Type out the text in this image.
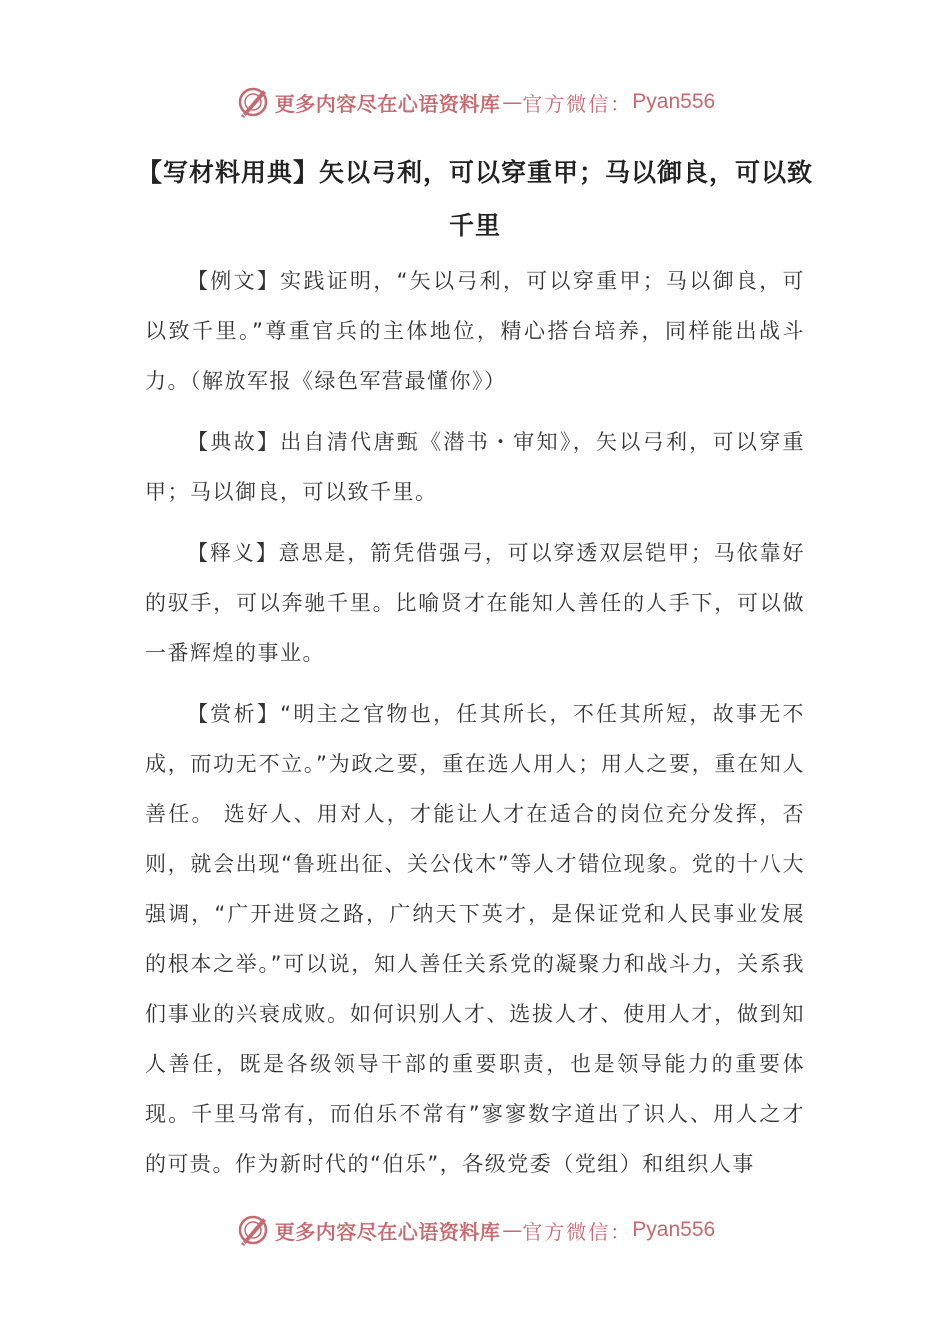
更多内容尽在心语资料库 — 官方微信： Pyan556
【写材料用典】矢以弓利，可以穿重甲；马以御良，可以致千里

【例文】实践证明，“矢以弓利，可以穿重甲；马以御良，可以致千里。”尊重官兵的主体地位，精心搭台培养，同样能出战斗力。（解放军报《绿色军营最懂你》）

【典故】出自清代唐甄《潜书・审知》，矢以弓利，可以穿重甲；马以御良，可以致千里。

【释义】意思是，箭凭借强弓，可以穿透双层铠甲；马依靠好的驭手，可以奔驰千里。比喻贤才在能知人善任的人手下，可以做一番辉煌的事业。

【赏析】“明主之官物也，任其所长，不任其所短，故事无不成，而功无不立。”为政之要，重在选人用人；用人之要，重在知人善任。 选好人、用对人，才能让人才在适合的岗位充分发挥，否则，就会出现“鲁班出征、关公伐木”等人才错位现象。党的十八大强调，“广开进贤之路，广纳天下英才，是保证党和人民事业发展的根本之举。”可以说，知人善任关系党的凝聚力和战斗力，关系我们事业的兴衰成败。如何识别人才、选拔人才、使用人才，做到知人善任，既是各级领导干部的重要职责，也是领导能力的重要体现。千里马常有，而伯乐不常有”寥寥数字道出了识人、用人之才的可贵。作为新时代的“伯乐”，各级党委（党组）和组织人事

更多内容尽在心语资料库 — 官方微信： Pyan556
